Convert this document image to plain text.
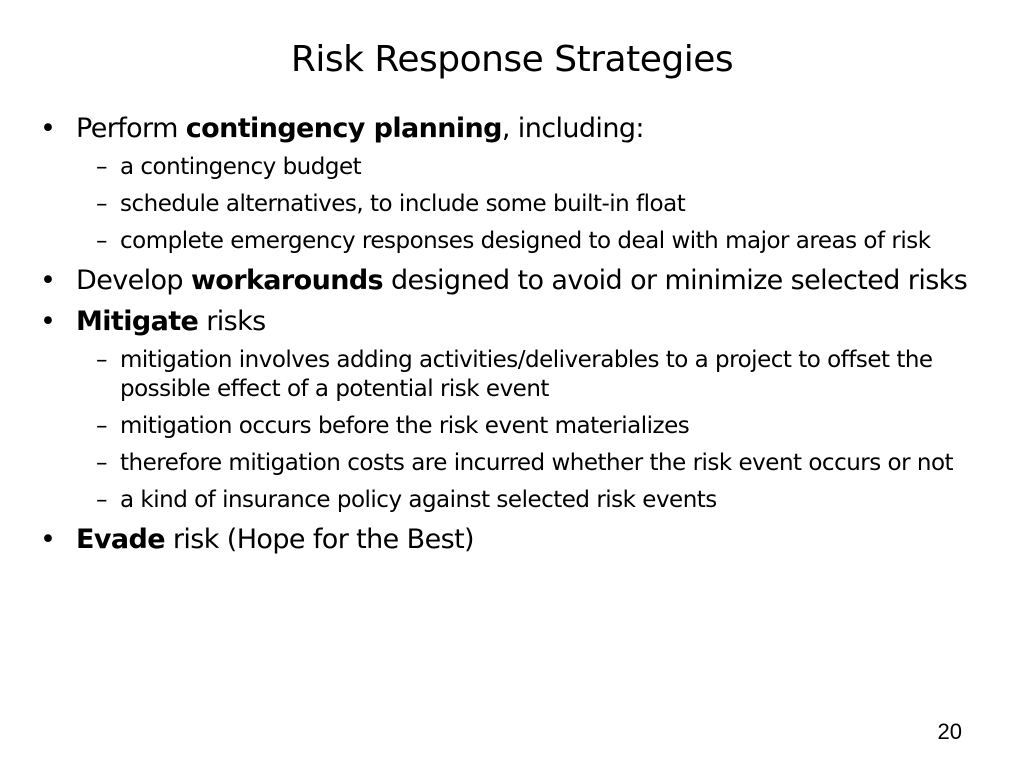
Risk Response Strategies
• Perform contingency planning, including:
– a contingency budget
– schedule alternatives, to include some built-in float
– complete emergency responses designed to deal with major areas of risk
• Develop workarounds designed to avoid or minimize selected risks
• Mitigate risks
– mitigation involves adding activities/deliverables to a project to offset the possible effect of a potential risk event
– mitigation occurs before the risk event materializes
– therefore mitigation costs are incurred whether the risk event occurs or not
– a kind of insurance policy against selected risk events
• Evade risk (Hope for the Best)
20
